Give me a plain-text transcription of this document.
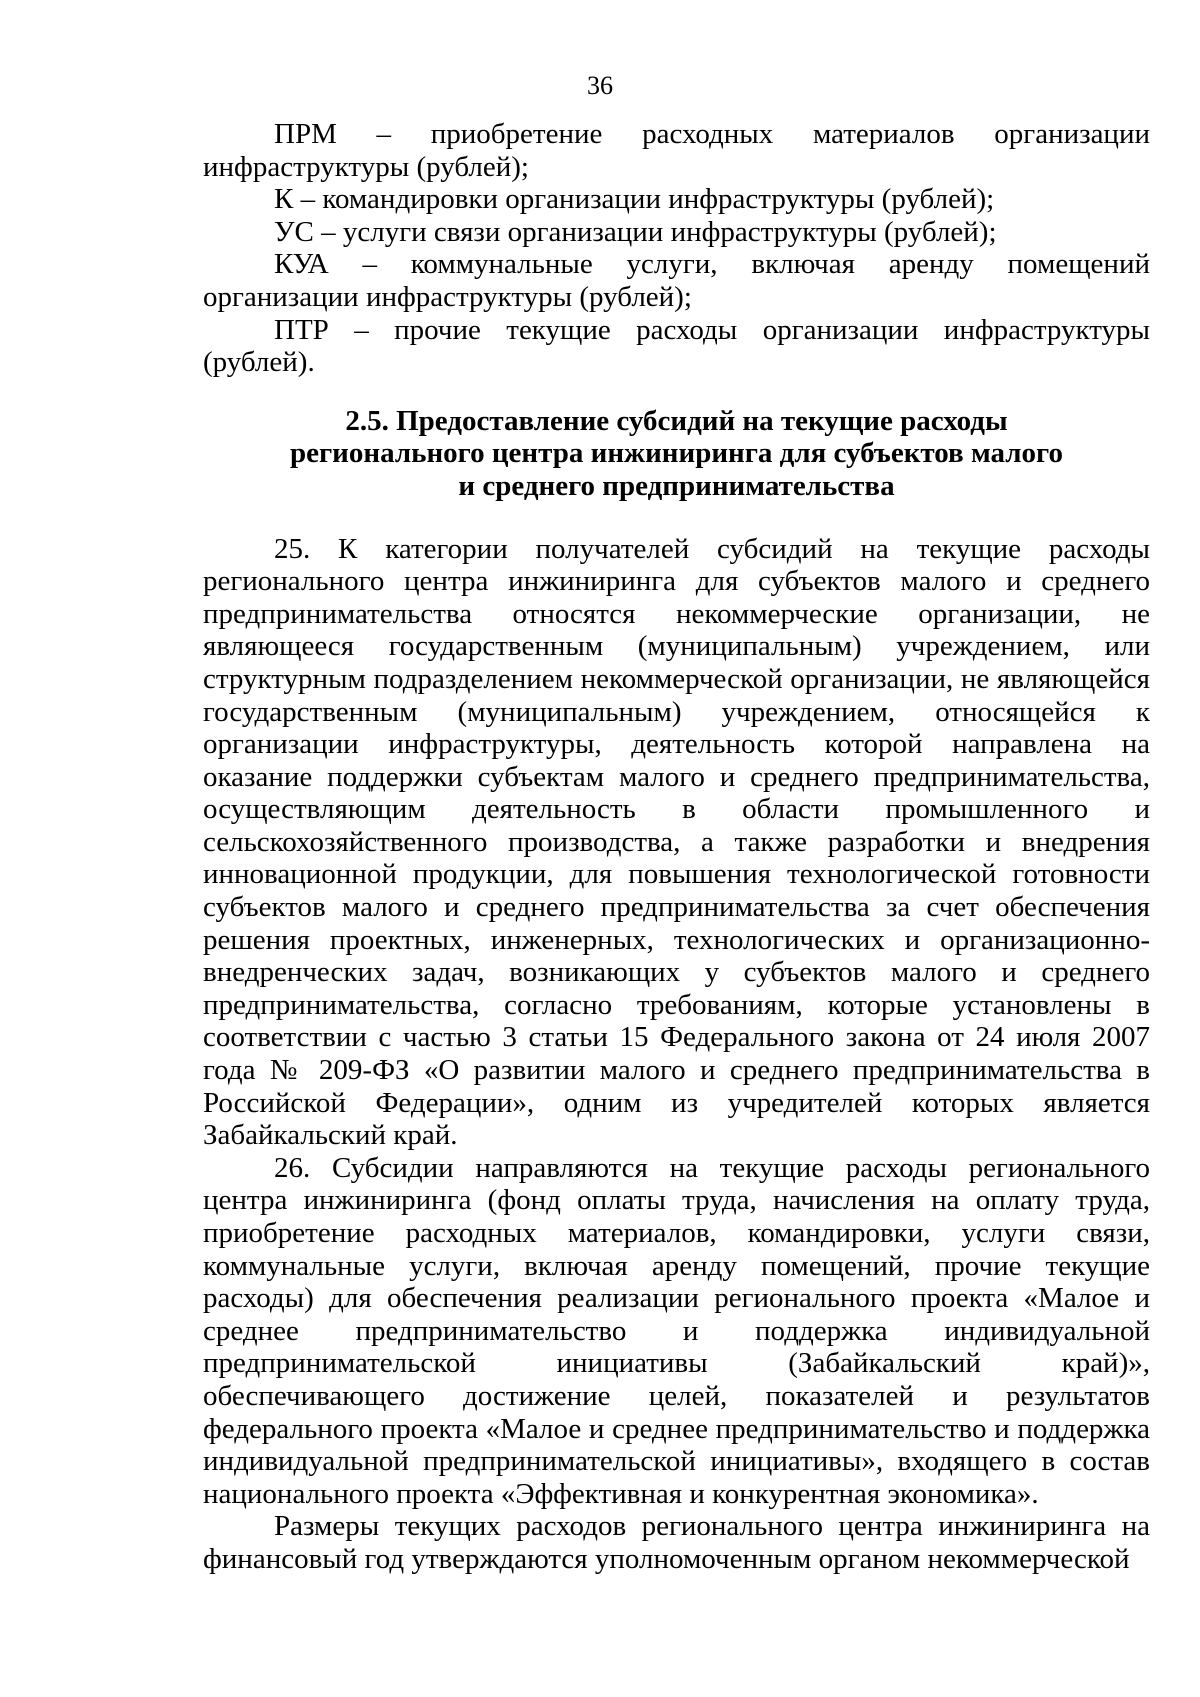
36

ПРМ – приобретение расходных материалов организации инфраструктуры (рублей);

К – командировки организации инфраструктуры (рублей);

УС – услуги связи организации инфраструктуры (рублей);

КУА – коммунальные услуги, включая аренду помещений организации инфраструктуры (рублей);

ПТР – прочие текущие расходы организации инфраструктуры (рублей).

2.5. Предоставление субсидий на текущие расходы
регионального центра инжиниринга для субъектов малого
и среднего предпринимательства

25. К категории получателей субсидий на текущие расходы регионального центра инжиниринга для субъектов малого и среднего предпринимательства относятся некоммерческие организации, не являющееся государственным (муниципальным) учреждением, или структурным подразделением некоммерческой организации, не являющейся государственным (муниципальным) учреждением, относящейся к организации инфраструктуры, деятельность которой направлена на оказание поддержки субъектам малого и среднего предпринимательства, осуществляющим деятельность в области промышленного и сельскохозяйственного производства, а также разработки и внедрения инновационной продукции, для повышения технологической готовности субъектов малого и среднего предпринимательства за счет обеспечения решения проектных, инженерных, технологических и организационно-внедренческих задач, возникающих у субъектов малого и среднего предпринимательства, согласно требованиям, которые установлены в соответствии с частью 3 статьи 15 Федерального закона от 24 июля 2007 года № 209-ФЗ «О развитии малого и среднего предпринимательства в Российской Федерации», одним из учредителей которых является Забайкальский край.

26. Субсидии направляются на текущие расходы регионального центра инжиниринга (фонд оплаты труда, начисления на оплату труда, приобретение расходных материалов, командировки, услуги связи, коммунальные услуги, включая аренду помещений, прочие текущие расходы) для обеспечения реализации регионального проекта «Малое и среднее предпринимательство и поддержка индивидуальной предпринимательской инициативы (Забайкальский край)», обеспечивающего достижение целей, показателей и результатов федерального проекта «Малое и среднее предпринимательство и поддержка индивидуальной предпринимательской инициативы», входящего в состав национального проекта «Эффективная и конкурентная экономика».

Размеры текущих расходов регионального центра инжиниринга на финансовый год утверждаются уполномоченным органом некоммерческой
